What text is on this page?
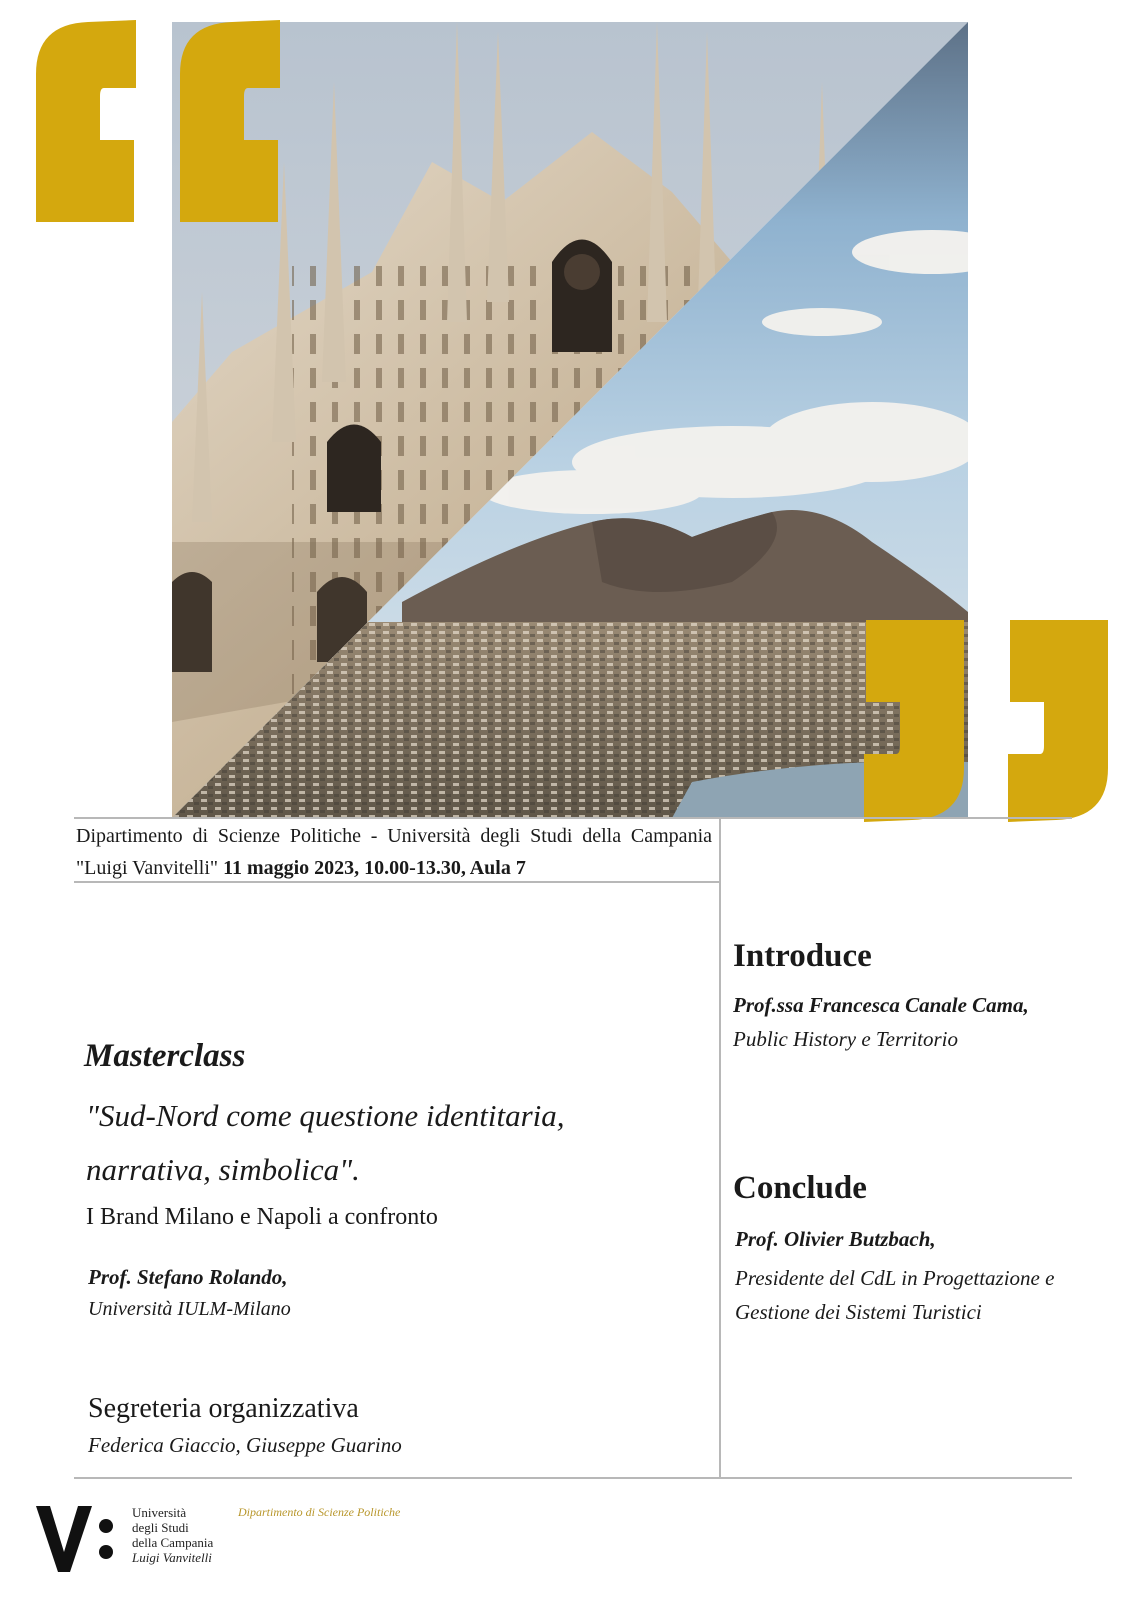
Dipartimento di Scienze Politiche - Università degli Studi della Campania "Luigi Vanvitelli" 11 maggio 2023, 10.00-13.30, Aula 7
Masterclass
"Sud-Nord come questione identitaria,
narrativa, simbolica".
I Brand Milano e Napoli a confronto
Prof. Stefano Rolando,
Università IULM-Milano
Segreteria organizzativa
Federica Giaccio, Giuseppe Guarino
Introduce
Prof.ssa Francesca Canale Cama,
Public History e Territorio
Conclude
Prof. Olivier Butzbach,
Presidente del CdL in Progettazione e
Gestione dei Sistemi Turistici
Università
degli Studi
della Campania
Luigi Vanvitelli
Dipartimento di Scienze Politiche
